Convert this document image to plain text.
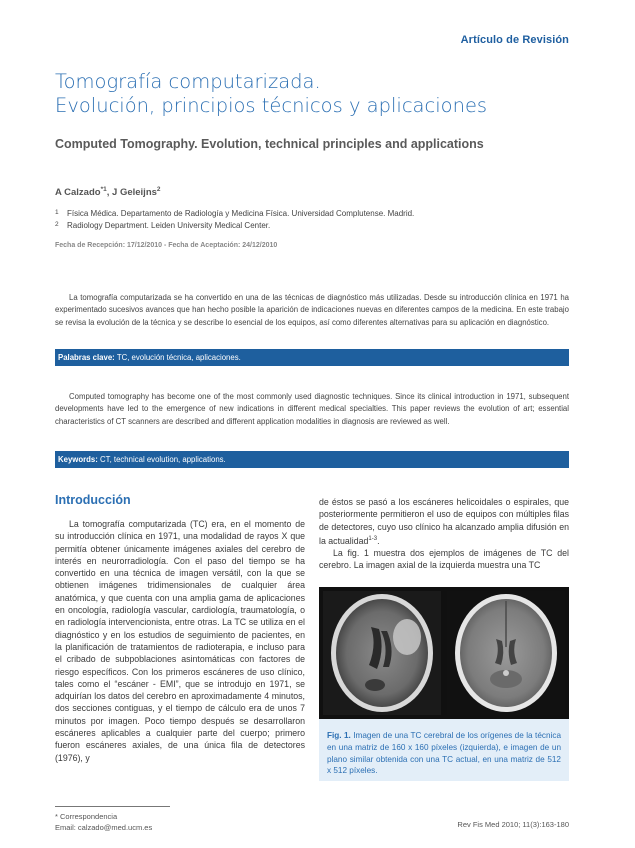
Artículo de Revisión
Tomografía computarizada.
Evolución, principios técnicos y aplicaciones
Computed Tomography. Evolution, technical principles and applications
A Calzado$^{*1}$, J Geleijns$^2$
1 Física Médica. Departamento de Radiología y Medicina Física. Universidad Complutense. Madrid.
2 Radiology Department. Leiden University Medical Center.
Fecha de Recepción: 17/12/2010 - Fecha de Aceptación: 24/12/2010

La tomografía computarizada se ha convertido en una de las técnicas de diagnóstico más utilizadas. Desde su introducción clínica en 1971 ha experimentado sucesivos avances que han hecho posible la aparición de indicaciones nuevas en diferentes campos de la medicina. En este trabajo se revisa la evolución de la técnica y se describe lo esencial de los equipos, así como diferentes alternativas para su aplicación en diagnóstico.

Palabras clave: TC, evolución técnica, aplicaciones.

Computed tomography has become one of the most commonly used diagnostic techniques. Since its clinical introduction in 1971, subsequent developments have led to the emergence of new indications in different medical specialties. This paper reviews the evolution of art; essential characteristics of CT scanners are described and different application modalities in diagnosis are reviewed as well.

Keywords: CT, technical evolution, applications.
Introducción

La tomografía computarizada (TC) era, en el momento de su introducción clínica en 1971, una modalidad de rayos X que permitía obtener únicamente imágenes axiales del cerebro de interés en neurorradiología. Con el paso del tiempo se ha convertido en una técnica de imagen versátil, con la que se obtienen imágenes tridimensionales de cualquier área anatómica, y que cuenta con una amplia gama de aplicaciones en oncología, radiología vascular, cardiología, traumatología, o en radiología intervencionista, entre otras. La TC se utiliza en el diagnóstico y en los estudios de seguimiento de pacientes, en la planificación de tratamientos de radioterapia, e incluso para el cribado de subpoblaciones asintomáticas con factores de riesgo específicos. Con los primeros escáneres de uso clínico, tales como el “escáner - EMI”, que se introdujo en 1971, se adquirían los datos del cerebro en aproximadamente 4 minutos, dos secciones contiguas, y el tiempo de cálculo era de unos 7 minutos por imagen. Poco tiempo después se desarrollaron escáneres aplicables a cualquier parte del cuerpo; primero fueron escáneres axiales, de una única fila de detectores (1976), y

de éstos se pasó a los escáneres helicoidales o espirales, que posteriormente permitieron el uso de equipos con múltiples filas de detectores, cuyo uso clínico ha alcanzado amplia difusión en la actualidad$^{1-3}$.

La fig. 1 muestra dos ejemplos de imágenes de TC del cerebro. La imagen axial de la izquierda muestra una TC

Fig. 1. Imagen de una TC cerebral de los orígenes de la técnica en una matriz de 160 x 160 píxeles (izquierda), e imagen de un plano similar obtenida con una TC actual, en una matriz de 512 x 512 píxeles.
* Correspondencia
Email: calzado@med.ucm.es	Rev Fis Med 2010; 11(3):163-180
